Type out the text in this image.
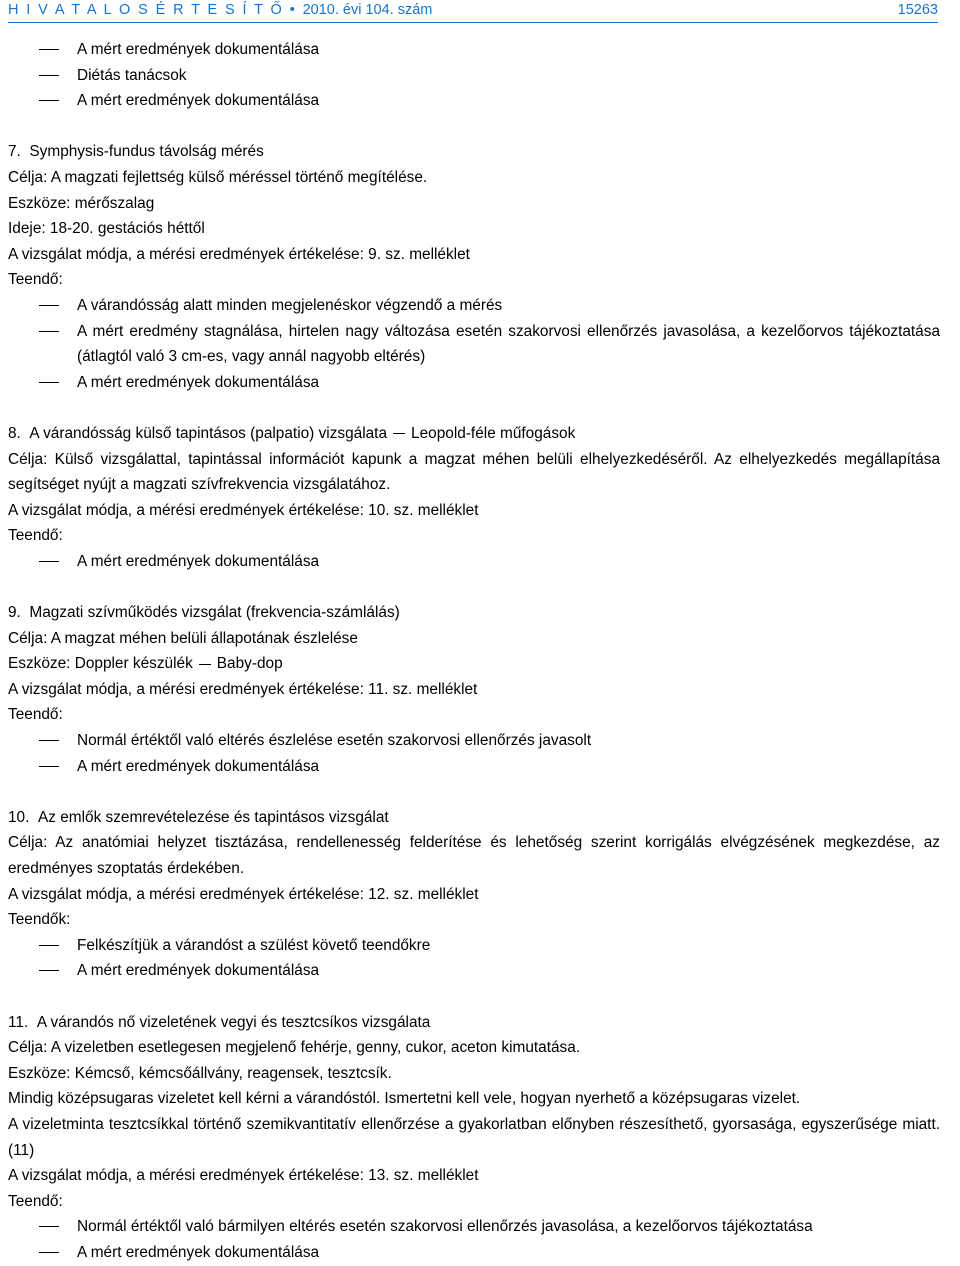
H I V A T A L O S É R T E S Í T Ő • 2010. évi 104. szám	15263
A mért eredmények dokumentálása
Diétás tanácsok
A mért eredmények dokumentálása
7. Symphysis-fundus távolság mérés
Célja: A magzati fejlettség külső méréssel történő megítélése.
Eszköze: mérőszalag
Ideje: 18-20. gestációs héttől
A vizsgálat módja, a mérési eredmények értékelése: 9. sz. melléklet
Teendő:
A várandósság alatt minden megjelenéskor végzendő a mérés
A mért eredmény stagnálása, hirtelen nagy változása esetén szakorvosi ellenőrzés javasolása, a kezelőorvos tájékoztatása (átlagtól való 3 cm-es, vagy annál nagyobb eltérés)
A mért eredmények dokumentálása
8. A várandósság külső tapintásos (palpatio) vizsgálata Leopold-féle műfogások
Célja: Külső vizsgálattal, tapintással információt kapunk a magzat méhen belüli elhelyezkedéséről. Az elhelyezkedés megállapítása segítséget nyújt a magzati szívfrekvencia vizsgálatához.
A vizsgálat módja, a mérési eredmények értékelése: 10. sz. melléklet
Teendő:
A mért eredmények dokumentálása
9. Magzati szívműködés vizsgálat (frekvencia-számlálás)
Célja: A magzat méhen belüli állapotának észlelése
Eszköze: Doppler készülék Baby-dop
A vizsgálat módja, a mérési eredmények értékelése: 11. sz. melléklet
Teendő:
Normál értéktől való eltérés észlelése esetén szakorvosi ellenőrzés javasolt
A mért eredmények dokumentálása
10. Az emlők szemrevételezése és tapintásos vizsgálat
Célja: Az anatómiai helyzet tisztázása, rendellenesség felderítése és lehetőség szerint korrigálás elvégzésének megkezdése, az eredményes szoptatás érdekében.
A vizsgálat módja, a mérési eredmények értékelése: 12. sz. melléklet
Teendők:
Felkészítjük a várandóst a szülést követő teendőkre
A mért eredmények dokumentálása
11. A várandós nő vizeletének vegyi és tesztcsíkos vizsgálata
Célja: A vizeletben esetlegesen megjelenő fehérje, genny, cukor, aceton kimutatása.
Eszköze: Kémcső, kémcsőállvány, reagensek, tesztcsík.
Mindig középsugaras vizeletet kell kérni a várandóstól. Ismertetni kell vele, hogyan nyerhető a középsugaras vizelet.
A vizeletminta tesztcsíkkal történő szemikvantitatív ellenőrzése a gyakorlatban előnyben részesíthető, gyorsasága, egyszerűsége miatt. (11)
A vizsgálat módja, a mérési eredmények értékelése: 13. sz. melléklet
Teendő:
Normál értéktől való bármilyen eltérés esetén szakorvosi ellenőrzés javasolása, a kezelőorvos tájékoztatása
A mért eredmények dokumentálása
